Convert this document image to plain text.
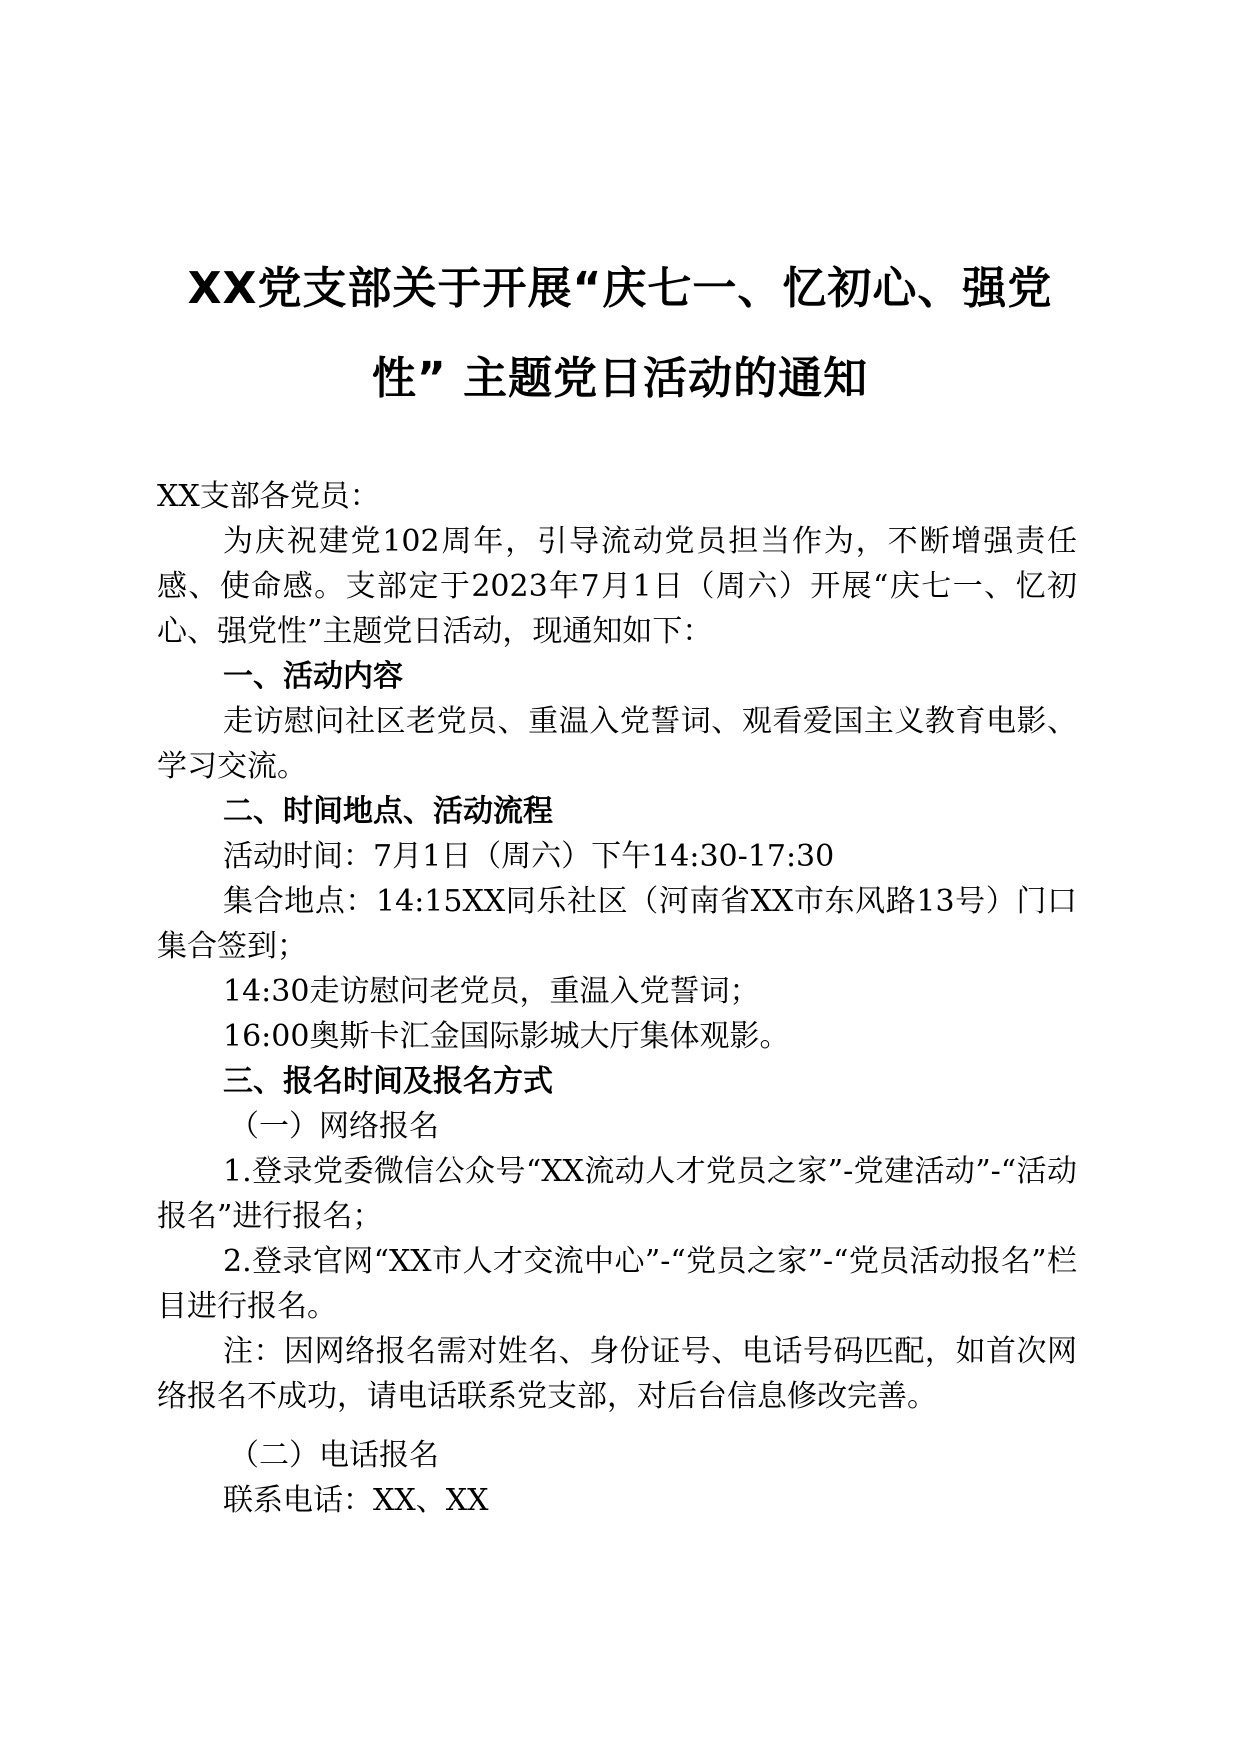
XX党支部关于开展“庆七一、忆初心、强党
性” 主题党日活动的通知

XX支部各党员：

为庆祝建党102周年，引导流动党员担当作为，不断增强责任感、使命感。支部定于2023年7月1日（周六）开展“庆七一、忆初心、强党性”主题党日活动，现通知如下：

一、活动内容

走访慰问社区老党员、重温入党誓词、观看爱国主义教育电影、学习交流。

二、时间地点、活动流程

活动时间：7月1日（周六）下午14:30-17:30

集合地点：14:15XX同乐社区（河南省XX市东风路13号）门口集合签到；

14:30走访慰问老党员，重温入党誓词；

16:00奥斯卡汇金国际影城大厅集体观影。

三、报名时间及报名方式

（一）网络报名

1.登录党委微信公众号“XX流动人才党员之家”-党建活动”-“活动报名”进行报名；

2.登录官网“XX市人才交流中心”-“党员之家”-“党员活动报名”栏目进行报名。

注：因网络报名需对姓名、身份证号、电话号码匹配，如首次网络报名不成功，请电话联系党支部，对后台信息修改完善。

（二）电话报名

联系电话：XX、XX
